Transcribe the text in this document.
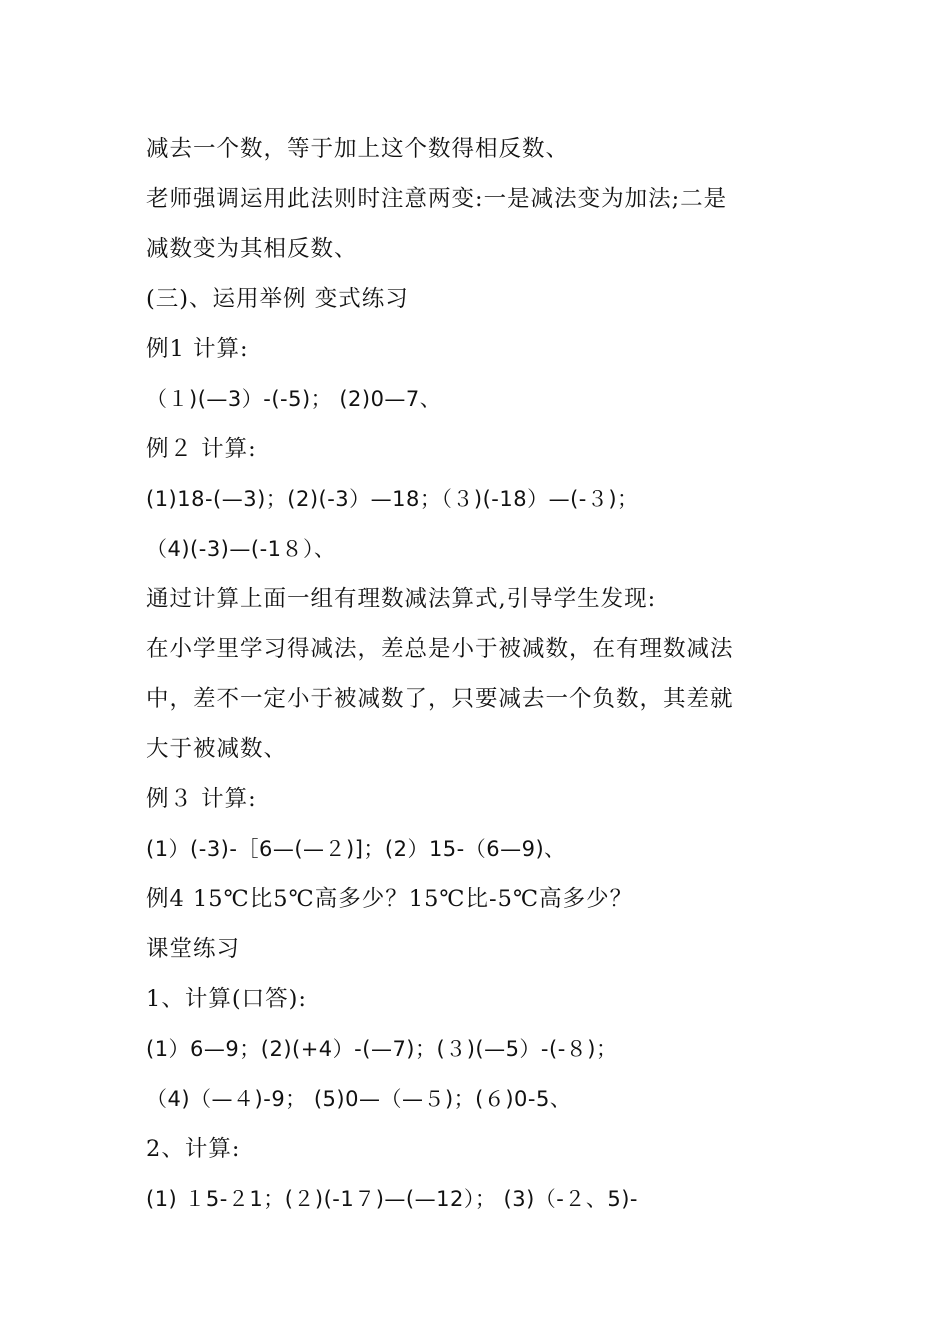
减去一个数，等于加上这个数得相反数、
老师强调运用此法则时注意两变:一是减法变为加法;二是
减数变为其相反数、
(三)、运用举例 变式练习
例1 计算:
（１)(—3）-(-5)； (2)0—7、
例２ 计算:
(1)18-(—3)；(2)(-3）—18；（３)(-18）—(-３)；
（4)(-3)—(-1８）、
通过计算上面一组有理数减法算式,引导学生发现:
在小学里学习得减法，差总是小于被减数，在有理数减法
中，差不一定小于被减数了，只要减去一个负数，其差就
大于被减数、
例３ 计算:
(1）(-3)-［6—(—２)]；(2）15-（6—9)、
例4 15℃比5℃高多少？15℃比-5℃高多少？
课堂练习
1、计算(口答):
(1）6—9；(2)(+4）-(—7)；(３)(—5）-(-８)；
（4)（—４)-9； (5)0—（—５)；(６)0-5、
2、计算:
(1) １5-２1；(２)(-1７)—(—12）； (3)（-２、5)-
